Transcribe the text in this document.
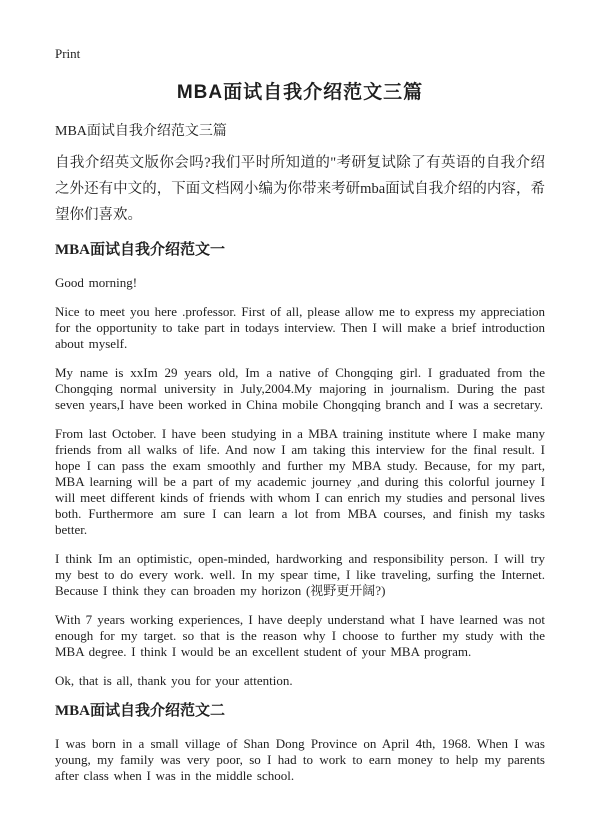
Print
MBA面试自我介绍范文三篇

MBA面试自我介绍范文三篇

自我介绍英文版你会吗?我们平时所知道的"考研复试除了有英语的自我介绍之外还有中文的，下面文档网小编为你带来考研mba面试自我介绍的内容，希望你们喜欢。

MBA面试自我介绍范文一

Good morning!

Nice to meet you here .professor. First of all, please allow me to express my appreciation for the opportunity to take part in todays interview. Then I will make a brief introduction about myself.

My name is xxIm 29 years old, Im a native of Chongqing girl. I graduated from the Chongqing normal university in July,2004.My majoring in journalism. During the past seven years,I have been worked in China mobile Chongqing branch and I was a secretary.

From last October. I have been studying in a MBA training institute where I make many friends from all walks of life. And now I am taking this interview for the final result. I hope I can pass the exam smoothly and further my MBA study. Because, for my part, MBA learning will be a part of my academic journey ,and during this colorful journey I will meet different kinds of friends with whom I can enrich my studies and personal lives both. Furthermore am sure I can learn a lot from MBA courses, and finish my tasks better.

I think Im an optimistic, open-minded, hardworking and responsibility person. I will try my best to do every work. well. In my spear time, I like traveling, surfing the Internet. Because I think they can broaden my horizon (视野更开阔?)

With 7 years working experiences, I have deeply understand what I have learned was not enough for my target. so that is the reason why I choose to further my study with the MBA degree. I think I would be an excellent student of your MBA program.

Ok, that is all, thank you for your attention.

MBA面试自我介绍范文二

I was born in a small village of Shan Dong Province on April 4th, 1968. When I was young, my family was very poor, so I had to work to earn money to help my parents after class when I was in the middle school.
